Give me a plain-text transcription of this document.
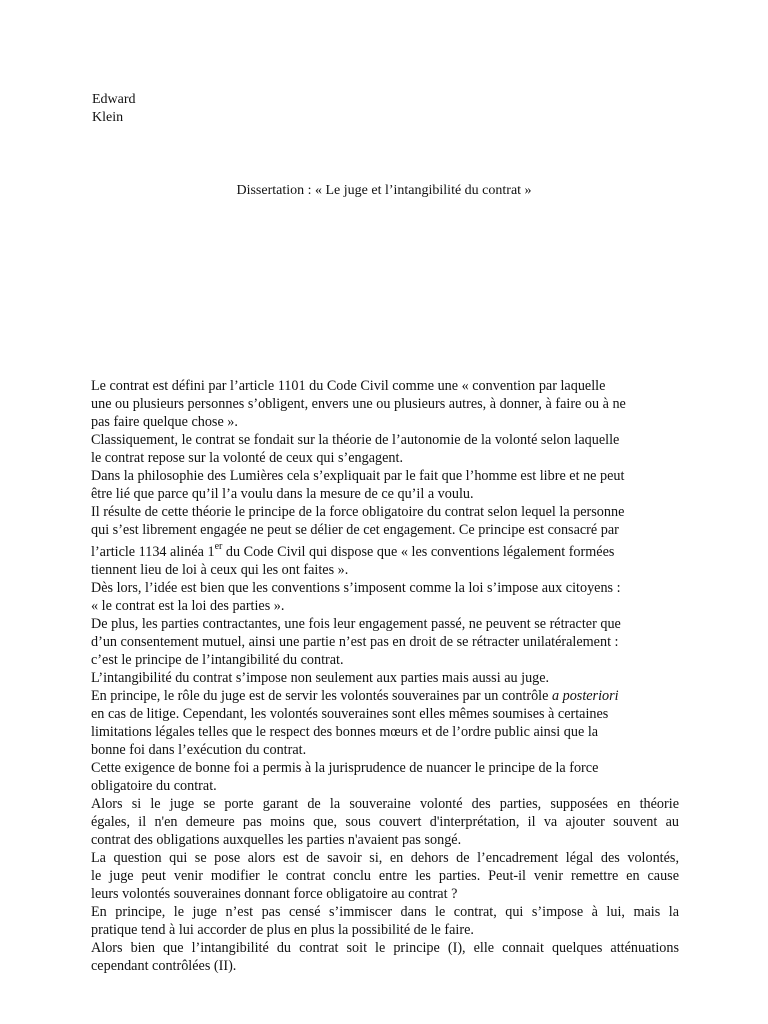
Edward
Klein
Dissertation : « Le juge et l’intangibilité du contrat »

Le contrat est défini par l’article 1101 du Code Civil comme une « convention par laquelle
une ou plusieurs personnes s’obligent, envers une ou plusieurs autres, à donner, à faire ou à ne
pas faire quelque chose ».

Classiquement, le contrat se fondait sur la théorie de l’autonomie de la volonté selon laquelle
le contrat repose sur la volonté de ceux qui s’engagent.

Dans la philosophie des Lumières cela s’expliquait par le fait que l’homme est libre et ne peut
être lié que parce qu’il l’a voulu dans la mesure de ce qu’il a voulu.

Il résulte de cette théorie le principe de la force obligatoire du contrat selon lequel la personne
qui s’est librement engagée ne peut se délier de cet engagement. Ce principe est consacré par
l’article 1134 alinéa 1er du Code Civil qui dispose que « les conventions légalement formées
tiennent lieu de loi à ceux qui les ont faites ».

Dès lors, l’idée est bien que les conventions s’imposent comme la loi s’impose aux citoyens :
« le contrat est la loi des parties ».

De plus, les parties contractantes, une fois leur engagement passé, ne peuvent se rétracter que
d’un consentement mutuel, ainsi une partie n’est pas en droit de se rétracter unilatéralement :
c’est le principe de l’intangibilité du contrat.

L’intangibilité du contrat s’impose non seulement aux parties mais aussi au juge.

En principe, le rôle du juge est de servir les volontés souveraines par un contrôle a posteriori
en cas de litige. Cependant, les volontés souveraines sont elles mêmes soumises à certaines
limitations légales telles que le respect des bonnes mœurs et de l’ordre public ainsi que la
bonne foi dans l’exécution du contrat.

Cette exigence de bonne foi a permis à la jurisprudence de nuancer le principe de la force
obligatoire du contrat.

Alors si le juge se porte garant de la souveraine volonté des parties, supposées en théorie
égales, il n'en demeure pas moins que, sous couvert d'interprétation, il va ajouter souvent au
contrat des obligations auxquelles les parties n'avaient pas songé.

La question qui se pose alors est de savoir si, en dehors de l’encadrement légal des volontés,
le juge peut venir modifier le contrat conclu entre les parties. Peut-il venir remettre en cause
leurs volontés souveraines donnant force obligatoire au contrat ?

En principe, le juge n’est pas censé s’immiscer dans le contrat, qui s’impose à lui, mais la
pratique tend à lui accorder de plus en plus la possibilité de le faire.

Alors bien que l’intangibilité du contrat soit le principe (I), elle connait quelques atténuations
cependant contrôlées (II).
